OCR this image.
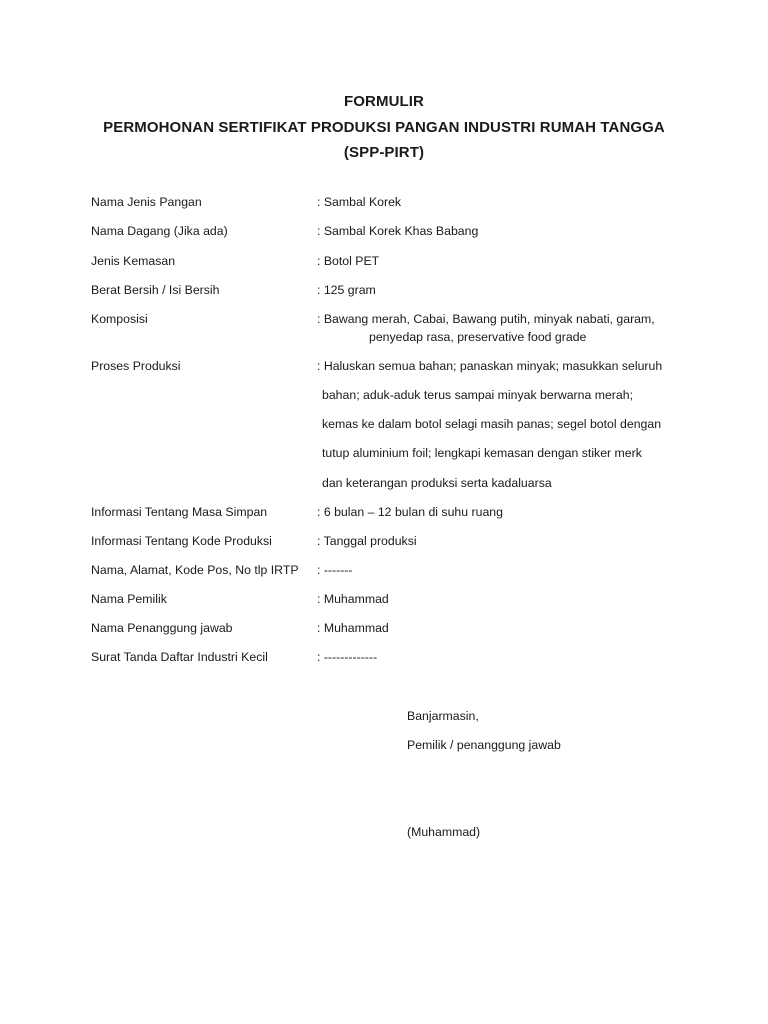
FORMULIR
PERMOHONAN SERTIFIKAT PRODUKSI PANGAN INDUSTRI RUMAH TANGGA
(SPP-PIRT)
Nama Jenis Pangan	: Sambal Korek
Nama Dagang (Jika ada)	: Sambal Korek Khas Babang
Jenis Kemasan	: Botol PET
Berat Bersih / Isi Bersih	: 125 gram
Komposisi	: Bawang merah, Cabai, Bawang putih, minyak nabati, garam,
penyedap rasa, preservative food grade
Proses Produksi	: Haluskan semua bahan; panaskan minyak; masukkan seluruh
bahan; aduk-aduk terus sampai minyak berwarna merah;
kemas ke dalam botol selagi masih panas; segel botol dengan
tutup aluminium foil; lengkapi kemasan dengan stiker merk
dan keterangan produksi serta kadaluarsa
Informasi Tentang Masa Simpan	: 6 bulan – 12 bulan di suhu ruang
Informasi Tentang Kode Produksi	: Tanggal produksi
Nama, Alamat, Kode Pos, No tlp IRTP : -------
Nama Pemilik	: Muhammad
Nama Penanggung jawab	: Muhammad
Surat Tanda Daftar Industri Kecil	: -------------
Banjarmasin,
Pemilik / penanggung jawab
(Muhammad)
